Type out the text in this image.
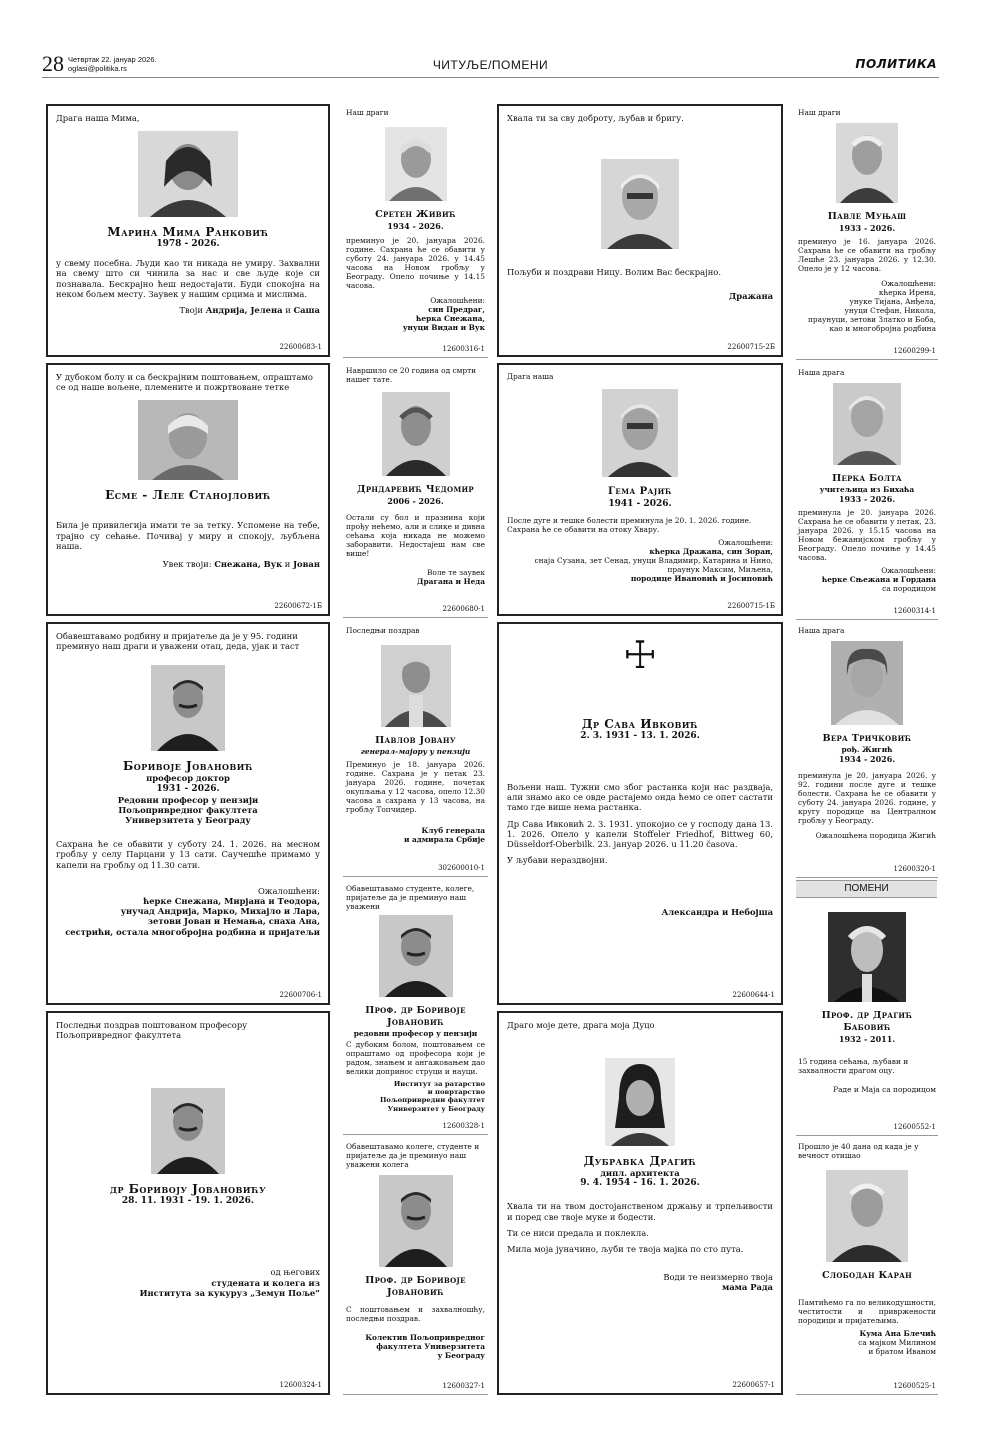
28 Четвртак 22. јануар 2026.
oglasi@politika.rs	ЧИТУЉЕ/ПОМЕНИ	ПОЛИТИКА
Драга наша Мима,
Марина Мима Ранковић
1978 - 2026.

у свему посебна. Људи као ти никада не умиру. Захвални на свему што си чинила за нас и све људе које си познавала. Бескрајно ћеш недостајати. Буди спокојна на неком бољем месту. Заувек у нашим срцима и мислима.

Твоји Андрија, Јелена и Саша
22600683-1
У дубоком болу и са бескрајним поштовањем, опраштамо се од наше вољене, племените и пожртвоване тетке
Есме - Леле Станојловић

Била је привилегија имати те за тетку. Успомене на тебе, трајно су сећање. Почивај у миру и спокоју, љубљена наша.

Увек твоји: Снежана, Вук и Јован
22600672-1Б
Обавештавамо родбину и пријатеље да је у 95. години преминуо наш драги и уважени отац, деда, ујак и таст
Боривоје Јовановић
професор доктор
1931 - 2026.
Редовни професор у пензији
Пољопривредног факултета
Универзитета у Београду

Сахрана ће се обавити у суботу 24. 1. 2026. на месном гробљу у селу Парцани у 13 сати. Саучешће примамо у капели на гробљу од 11.30 сати.

Ожалошћени:
ћерке Снежана, Мирјана и Теодора,
унучад Андрија, Марко, Михајло и Лара,
зетови Јован и Немања, снаха Ана,
сестрићи, остала многобројна родбина и пријатељи
22600706-1
Последњи поздрав поштованом професору Пољопривредног факултета
др Боривоју Јовановићу
28. 11. 1931 - 19. 1. 2026.
од његових
студената и колега из
Института за кукуруз „Земун Поље”
12600324-1
Наш драги
Сретен Живић
1934 - 2026.

преминуо је 20. јануара 2026. године. Сахрана ће се обавити у суботу 24. јануара 2026. у 14.45 часова на Новом гробљу у Београду. Опело почиње у 14.15 часова.

Ожалошћени:
син Предраг,
ћерка Снежана,
унуци Видан и Вук
12600316-1
Навршило се 20 година од смрти нашег тате.
Дрндаревић Чедомир
2006 - 2026.

Остали су бол и празнина који прођу нећемо, али и слике и дивна сећања која никада не можемо заборавити. Недостајеш нам све више!

Воле те заувек
Драгана и Неда
22600680-1
Последњи поздрав
Павлов Јовану
генерал-мајору у пензији

Преминуо је 18. јануара 2026. године. Сахрана је у петак 23. јануара 2026. године, почетак окупљања у 12 часова, опело 12.30 часова а сахрана у 13 часова, на гробљу Топчидер.

Клуб генерала
и адмирала Србије
302600010-1
Обавештавамо студенте, колеге, пријатеље да је преминуо наш уважени
Проф. др Боривоје
Јовановић
редовни професор у пензији

С дубоким болом, поштовањем се опраштамо од професора који је радом, знањем и ангажовањем дао велики допринос струци и науци.

Институт за ратарство
и повртарство
Пољопривредни факултет
Универзитет у Београду
12600328-1
Обавештавамо колеге, студенте и пријатеље да је преминуо наш уважени колега
Проф. др Боривоје
Јовановић

С поштовањем и захвалношћу, последњи поздрав.

Колектив Пољопривредног
факултета Универзитета
у Београду
12600327-1
Хвала ти за сву доброту, љубав и бригу.

Пољуби и поздрави Ницу. Волим Вас бескрајно.

Дражана
22600715-2Б
Драга наша
Гема Рајић
1941 - 2026.

После дуге и тешке болести преминула је 20. 1. 2026. године. Сахрана ће се обавити на отоку Хвару.

Ожалошћени:
кћерка Дражана, син Зоран,
снаја Сузана, зет Сенад, унуци Владимир, Катарина и Нино,
праунук Максим, Миљена,
породице Ивановић и Јосиповић
22600715-1Б
☩
Др Сава Ивковић
2. 3. 1931 - 13. 1. 2026.

Вољени наш. Тужни смо због растанка који нас раздваја, али знамо ако се овде растајемо онда ћемо се опет састати тамо где више нема растанка.

Др Сава Ивковић 2. 3. 1931. упокојио се у господу дана 13. 1. 2026. Опело у капели Stoffeler Friedhof, Bittweg 60, Düsseldorf-Oberbilk. 23. јануар 2026. u 11.20 časova.

У љубави нераздвојни.

Александра и Небојша
22600644-1
Драго моје дете, драга моја Дуцо
Дубравка Драгић
дипл. архитекта
9. 4. 1954 - 16. 1. 2026.

Хвала ти на твом достојанственом држању и трпељивости и поред све твоје муке и бодести.

Ти се ниси предала и поклекла.

Мила моја јуначино, љуби те твоја мајка по сто пута.

Води те неизмерно твоја
мама Рада
22600657-1
Наш драги
Павле Муњаш
1933 - 2026.

преминуо је 16. јануара 2026. Сахрана ће се обавити на гробљу Лешће 23. јануара 2026. у 12.30. Опело је у 12 часова.

Ожалошћени:
кћерка Ирена,
унуке Тијана, Анђела,
унуци Стефан, Никола,
праунуци, зетови Златко и Боба,
као и многобројна родбина
12600299-1
Наша драга
Перка Болта
учитељица из Бихаћа
1933 - 2026.

преминула је 20. јануара 2026. Сахрана ће се обавити у петак, 23. јануара 2026. у 15.15 часова на Новом бежанијском гробљу у Београду. Опело почиње у 14.45 часова.

Ожалошћени:
ћерке Сњежана и Гордана
са породицом
12600314-1
Наша драга
Вера Тричковић
рођ. Жигић
1934 - 2026.

преминула је 20. јануара 2026. у 92. години после дуге и тешке болести. Сахрана ће се обавити у суботу 24. јануара 2026. године, у кругу породице на Централном гробљу у Београду.

Ожалошћена породица Жигић
12600320-1
ПОМЕНИ
Проф. др Драгић
Бабовић
1932 - 2011.

15 година сећања, љубави и захвалности драгом оцу.

Раде и Маја са породицом
12600552-1
Прошло је 40 дана од када је у вечност отишао
Слободан Каран

Памтићемо га по великодушности, честитости и привржености породици и пријатељима.

Кума Ана Блечић
са мајком Милином
и братом Иваном
12600525-1
